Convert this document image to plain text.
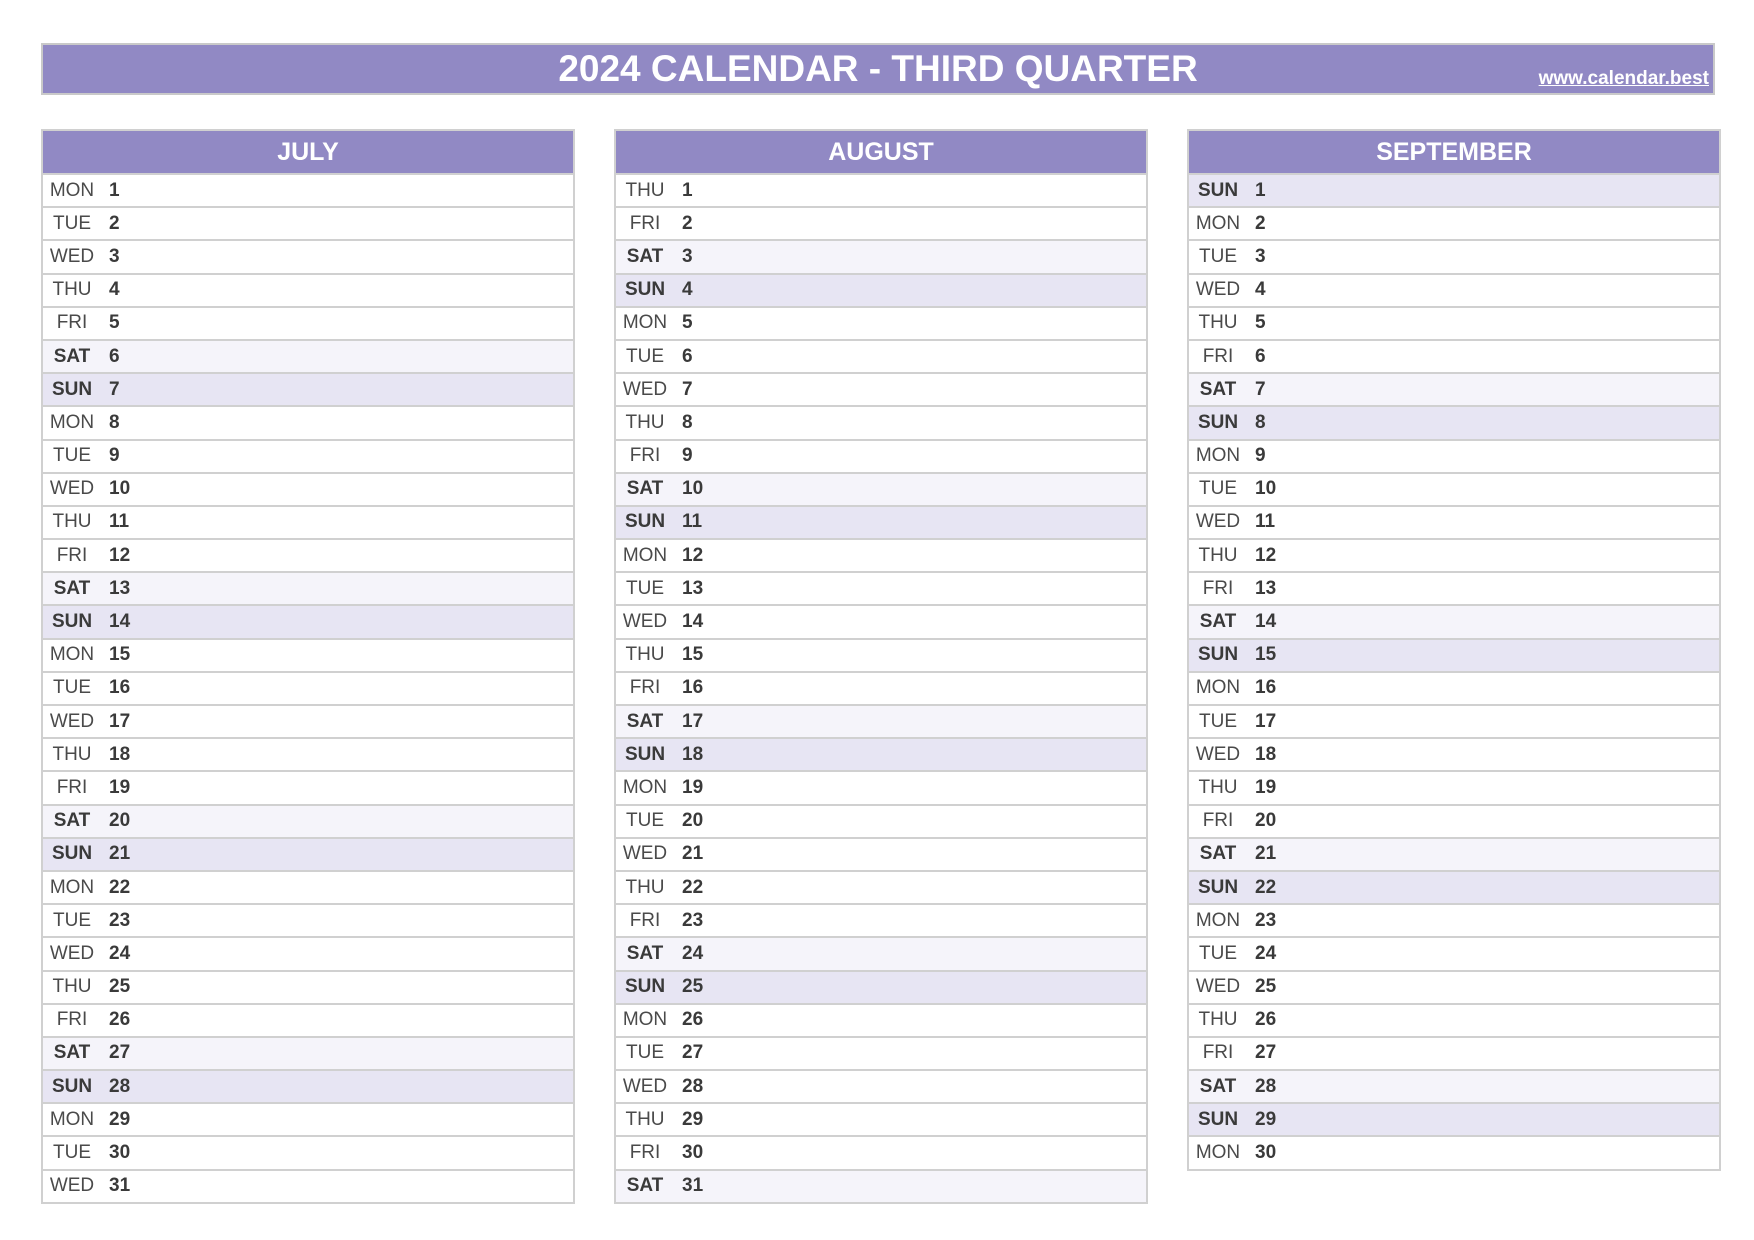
2024 CALENDAR - THIRD QUARTER	www.calendar.best
JULY
MON 1
TUE 2
WED 3
THU 4
FRI	5
SAT 6
SUN 7
MON 8
TUE 9
WED 10
THU 11
FRI	12
SAT 13
SUN 14
MON 15
TUE 16
WED 17
THU 18
FRI	19
SAT 20
SUN 21
MON 22
TUE 23
WED 24
THU 25
FRI	26
SAT 27
SUN 28
MON 29
TUE 30
WED 31
AUGUST
THU 1
FRI	2
SAT 3
SUN 4
MON 5
TUE 6
WED 7
THU 8
FRI	9
SAT 10
SUN 11
MON 12
TUE 13
WED 14
THU 15
FRI	16
SAT 17
SUN 18
MON 19
TUE 20
WED 21
THU 22
FRI	23
SAT 24
SUN 25
MON 26
TUE 27
WED 28
THU 29
FRI	30
SAT 31
SEPTEMBER
SUN 1
MON 2
TUE 3
WED 4
THU 5
FRI	6
SAT 7
SUN 8
MON 9
TUE 10
WED 11
THU 12
FRI	13
SAT 14
SUN 15
MON 16
TUE 17
WED 18
THU 19
FRI	20
SAT 21
SUN 22
MON 23
TUE 24
WED 25
THU 26
FRI	27
SAT 28
SUN 29
MON 30
